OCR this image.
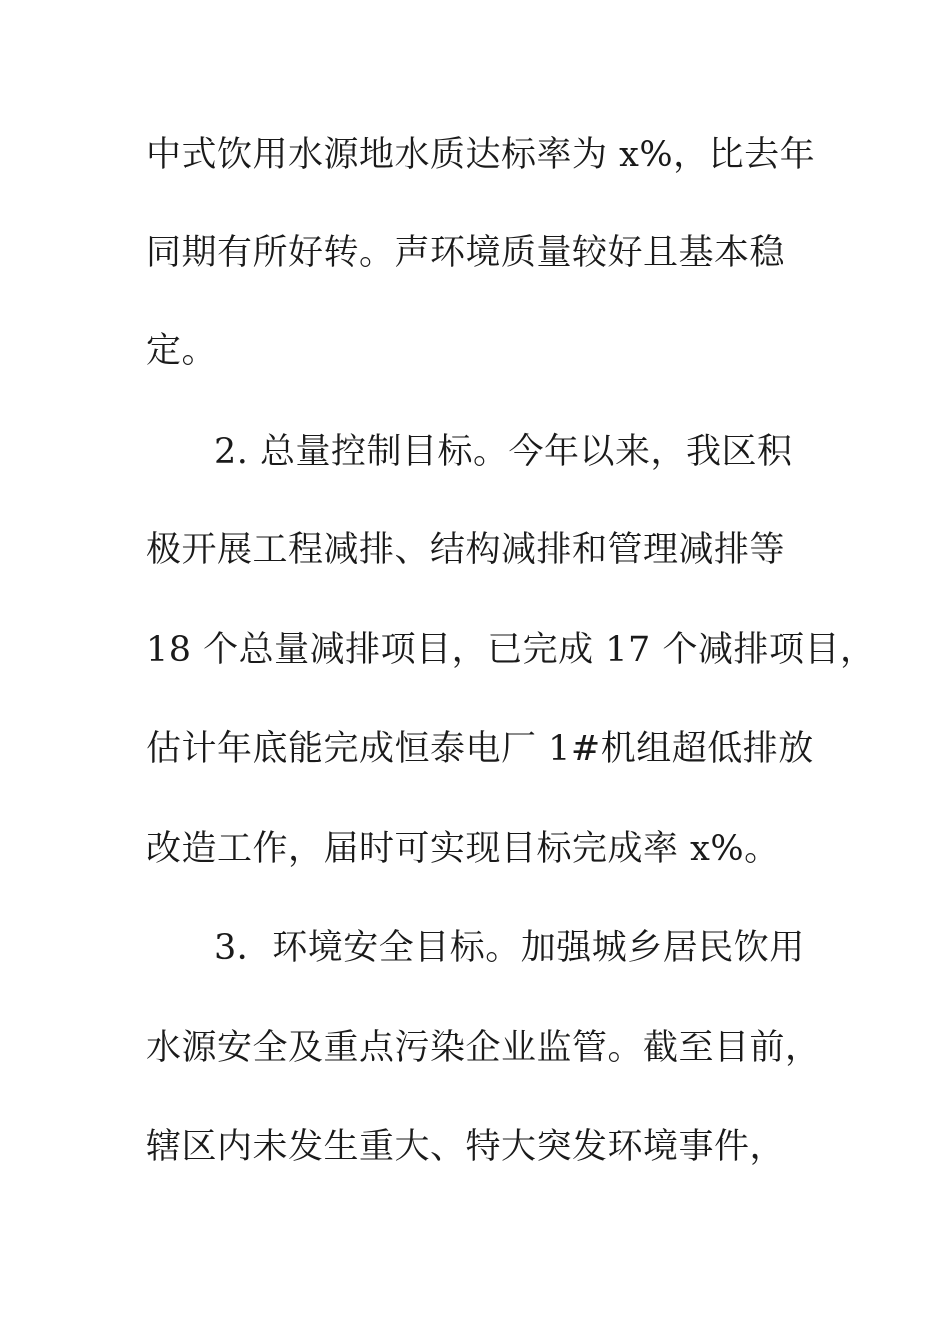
中式饮用水源地水质达标率为 x%，比去年

同期有所好转。声环境质量较好且基本稳

定。

2. 总量控制目标。今年以来，我区积

极开展工程减排、结构减排和管理减排等

18 个总量减排项目，已完成 17 个减排项目，

估计年底能完成恒泰电厂 1#机组超低排放

改造工作，届时可实现目标完成率 x%。

3．环境安全目标。加强城乡居民饮用

水源安全及重点污染企业监管。截至目前，

辖区内未发生重大、特大突发环境事件，
